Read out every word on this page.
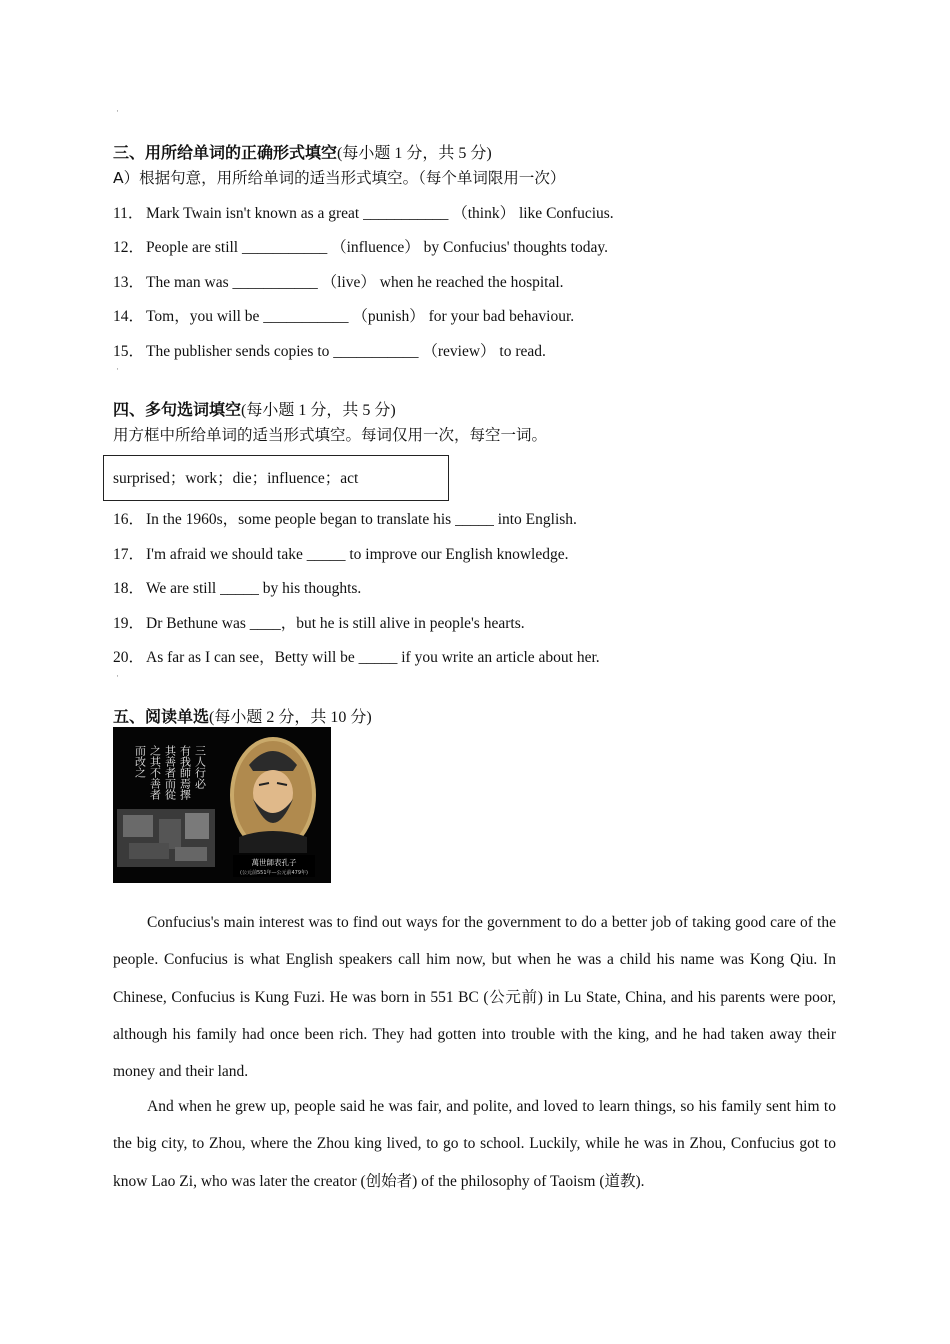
·
三、用所给单词的正确形式填空(每小题 1 分，共 5 分)
A）根据句意，用所给单词的适当形式填空。（每个单词限用一次）
11． Mark Twain isn't known as a great ___________ （think） like Confucius.
12． People are still ___________ （influence） by Confucius' thoughts today.
13． The man was ___________ （live） when he reached the hospital.
14． Tom，you will be ___________ （punish） for your bad behaviour.
15． The publisher sends copies to ___________ （review） to read.
·
四、多句选词填空(每小题 1 分，共 5 分)
用方框中所给单词的适当形式填空。每词仅用一次，每空一词。
surprised；work；die；influence；act
16． In the 1960s，some people began to translate his _____ into English.
17． I'm afraid we should take _____ to improve our English knowledge.
18． We are still _____ by his thoughts.
19． Dr Bethune was ____，but he is still alive in people's hearts.
20． As far as I can see，Betty will be _____ if you write an article about her.
·
五、阅读单选(每小题 2 分，共 10 分)
三人行必
有我師焉擇
其善者而從
之其不善者
而改之
萬世師表孔子
(公元前551年—公元前479年)
Confucius's main interest was to find out ways for the government to do a better job of taking good care of the people. Confucius is what English speakers call him now, but when he was a child his name was Kong Qiu. In Chinese, Confucius is Kung Fuzi. He was born in 551 BC (公元前) in Lu State, China, and his parents were poor, although his family had once been rich. They had gotten into trouble with the king, and he had taken away their money and their land.
And when he grew up, people said he was fair, and polite, and loved to learn things, so his family sent him to the big city, to Zhou, where the Zhou king lived, to go to school. Luckily, while he was in Zhou, Confucius got to know Lao Zi, who was later the creator (创始者) of the philosophy of Taoism (道教).
